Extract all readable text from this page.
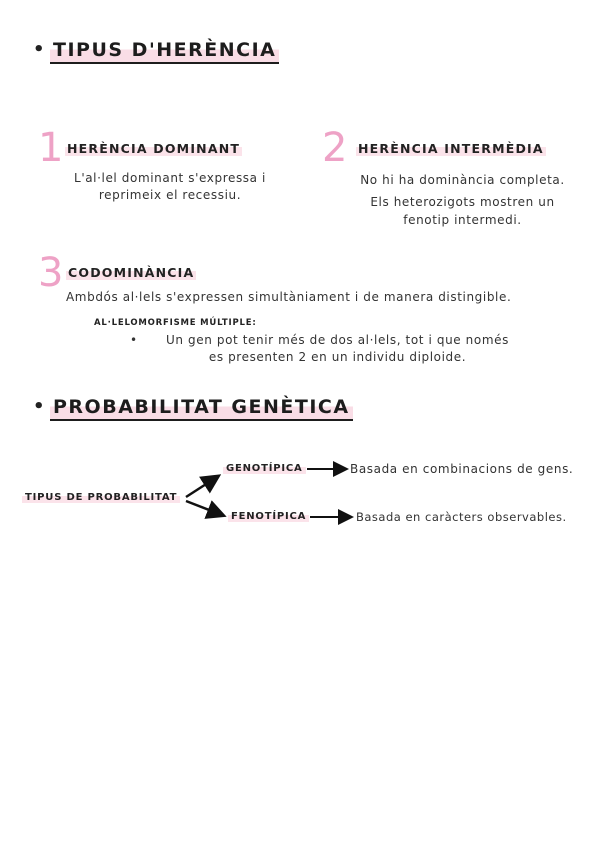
• TIPUS D'HERÈNCIA
1 HERÈNCIA DOMINANT
L'al·lel dominant s'expressa i
reprimeix el recessiu.
2 HERÈNCIA INTERMÈDIA
No hi ha dominància completa.
Els heterozigots mostren un
fenotip intermedi.
3 CODOMINÀNCIA
Ambdós al·lels s'expressen simultàniament i de manera distingible.
AL·LELOMORFISME MÚLTIPLE:
•	Un gen pot tenir més de dos al·lels, tot i que només
es presenten 2 en un individu diploide.
• PROBABILITAT GENÈTICA
TIPUS DE PROBABILITAT
GENOTÍPICA	Basada en combinacions de gens.
FENOTÍPICA	Basada en caràcters observables.
